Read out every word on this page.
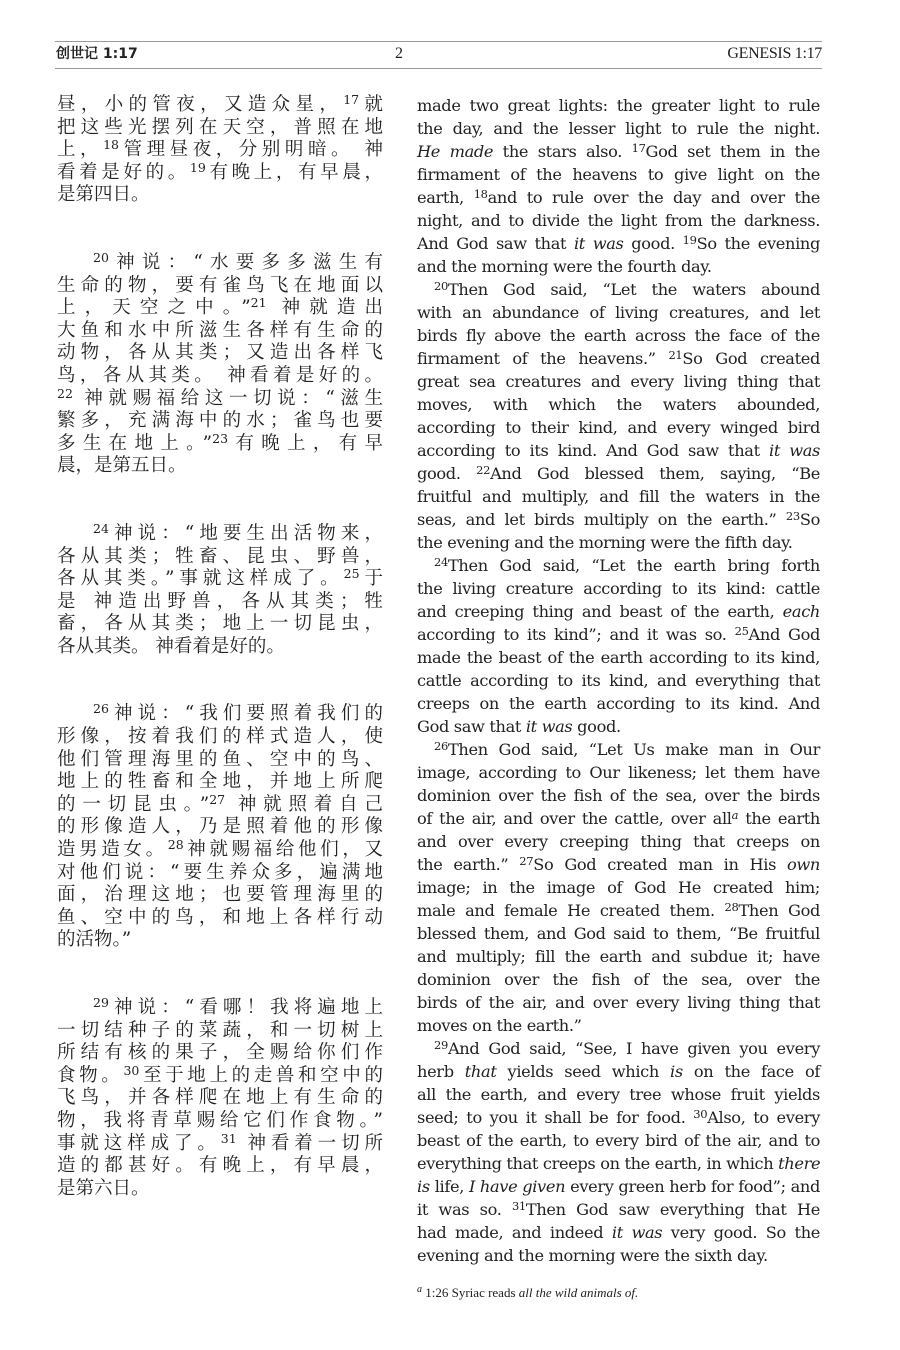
创世记 1:17	2	GENESIS 1:17
昼，小的管夜，又造众星，$^{17}$就
把这些光摆列在天空，普照在地
上，$^{18}$管理昼夜，分别明暗。 神
看着是好的。$^{19}$有晚上，有早晨，
是第四日。
$^{20}$神说：“水要多多滋生有
生命的物，要有雀鸟飞在地面以
上，天空之中。”$^{21}$ 神就造出
大鱼和水中所滋生各样有生命的
动物，各从其类；又造出各样飞
鸟，各从其类。 神看着是好的。
$^{22}$ 神就赐福给这一切说：“滋生
繁多，充满海中的水；雀鸟也要
多生在地上。”$^{23}$有晚上，有早
晨，是第五日。
$^{24}$神说：“地要生出活物来，
各从其类；牲畜、昆虫、野兽，
各从其类。”事就这样成了。$^{25}$于
是 神造出野兽，各从其类；牲
畜，各从其类；地上一切昆虫，
各从其类。 神看着是好的。
$^{26}$神说：“我们要照着我们的
形像，按着我们的样式造人，使
他们管理海里的鱼、空中的鸟、
地上的牲畜和全地，并地上所爬
的一切昆虫。”$^{27}$ 神就照着自己
的形像造人，乃是照着他的形像
造男造女。$^{28}$神就赐福给他们，又
对他们说：“要生养众多，遍满地
面，治理这地；也要管理海里的
鱼、空中的鸟，和地上各样行动
的活物。”
$^{29}$神说：“看哪！我将遍地上
一切结种子的菜蔬，和一切树上
所结有核的果子，全赐给你们作
食物。$^{30}$至于地上的走兽和空中的
飞鸟，并各样爬在地上有生命的
物，我将青草赐给它们作食物。”
事就这样成了。$^{31}$ 神看着一切所
造的都甚好。有晚上，有早晨，
是第六日。
made two great lights: the greater light to rule
the day, and the lesser light to rule the night.
He made the stars also. $^{17}$God set them in the
firmament of the heavens to give light on the
earth, $^{18}$and to rule over the day and over the
night, and to divide the light from the darkness.
And God saw that it was good. $^{19}$So the evening
and the morning were the fourth day.
$^{20}$Then God said, “Let the waters abound
with an abundance of living creatures, and let
birds fly above the earth across the face of the
firmament of the heavens.” $^{21}$So God created
great sea creatures and every living thing that
moves, with which the waters abounded,
according to their kind, and every winged bird
according to its kind. And God saw that it was
good. $^{22}$And God blessed them, saying, “Be
fruitful and multiply, and fill the waters in the
seas, and let birds multiply on the earth.” $^{23}$So
the evening and the morning were the fifth day.
$^{24}$Then God said, “Let the earth bring forth
the living creature according to its kind: cattle
and creeping thing and beast of the earth, each
according to its kind”; and it was so. $^{25}$And God
made the beast of the earth according to its kind,
cattle according to its kind, and everything that
creeps on the earth according to its kind. And
God saw that it was good.
$^{26}$Then God said, “Let Us make man in Our
image, according to Our likeness; let them have
dominion over the fish of the sea, over the birds
of the air, and over the cattle, over all$^a$ the earth
and over every creeping thing that creeps on
the earth.” $^{27}$So God created man in His own
image; in the image of God He created him;
male and female He created them. $^{28}$Then God
blessed them, and God said to them, “Be fruitful
and multiply; fill the earth and subdue it; have
dominion over the fish of the sea, over the
birds of the air, and over every living thing that
moves on the earth.”
$^{29}$And God said, “See, I have given you every
herb that yields seed which is on the face of
all the earth, and every tree whose fruit yields
seed; to you it shall be for food. $^{30}$Also, to every
beast of the earth, to every bird of the air, and to
everything that creeps on the earth, in which there
is life, I have given every green herb for food”; and
it was so. $^{31}$Then God saw everything that He
had made, and indeed it was very good. So the
evening and the morning were the sixth day.
$^a$ 1:26 Syriac reads all the wild animals of.
